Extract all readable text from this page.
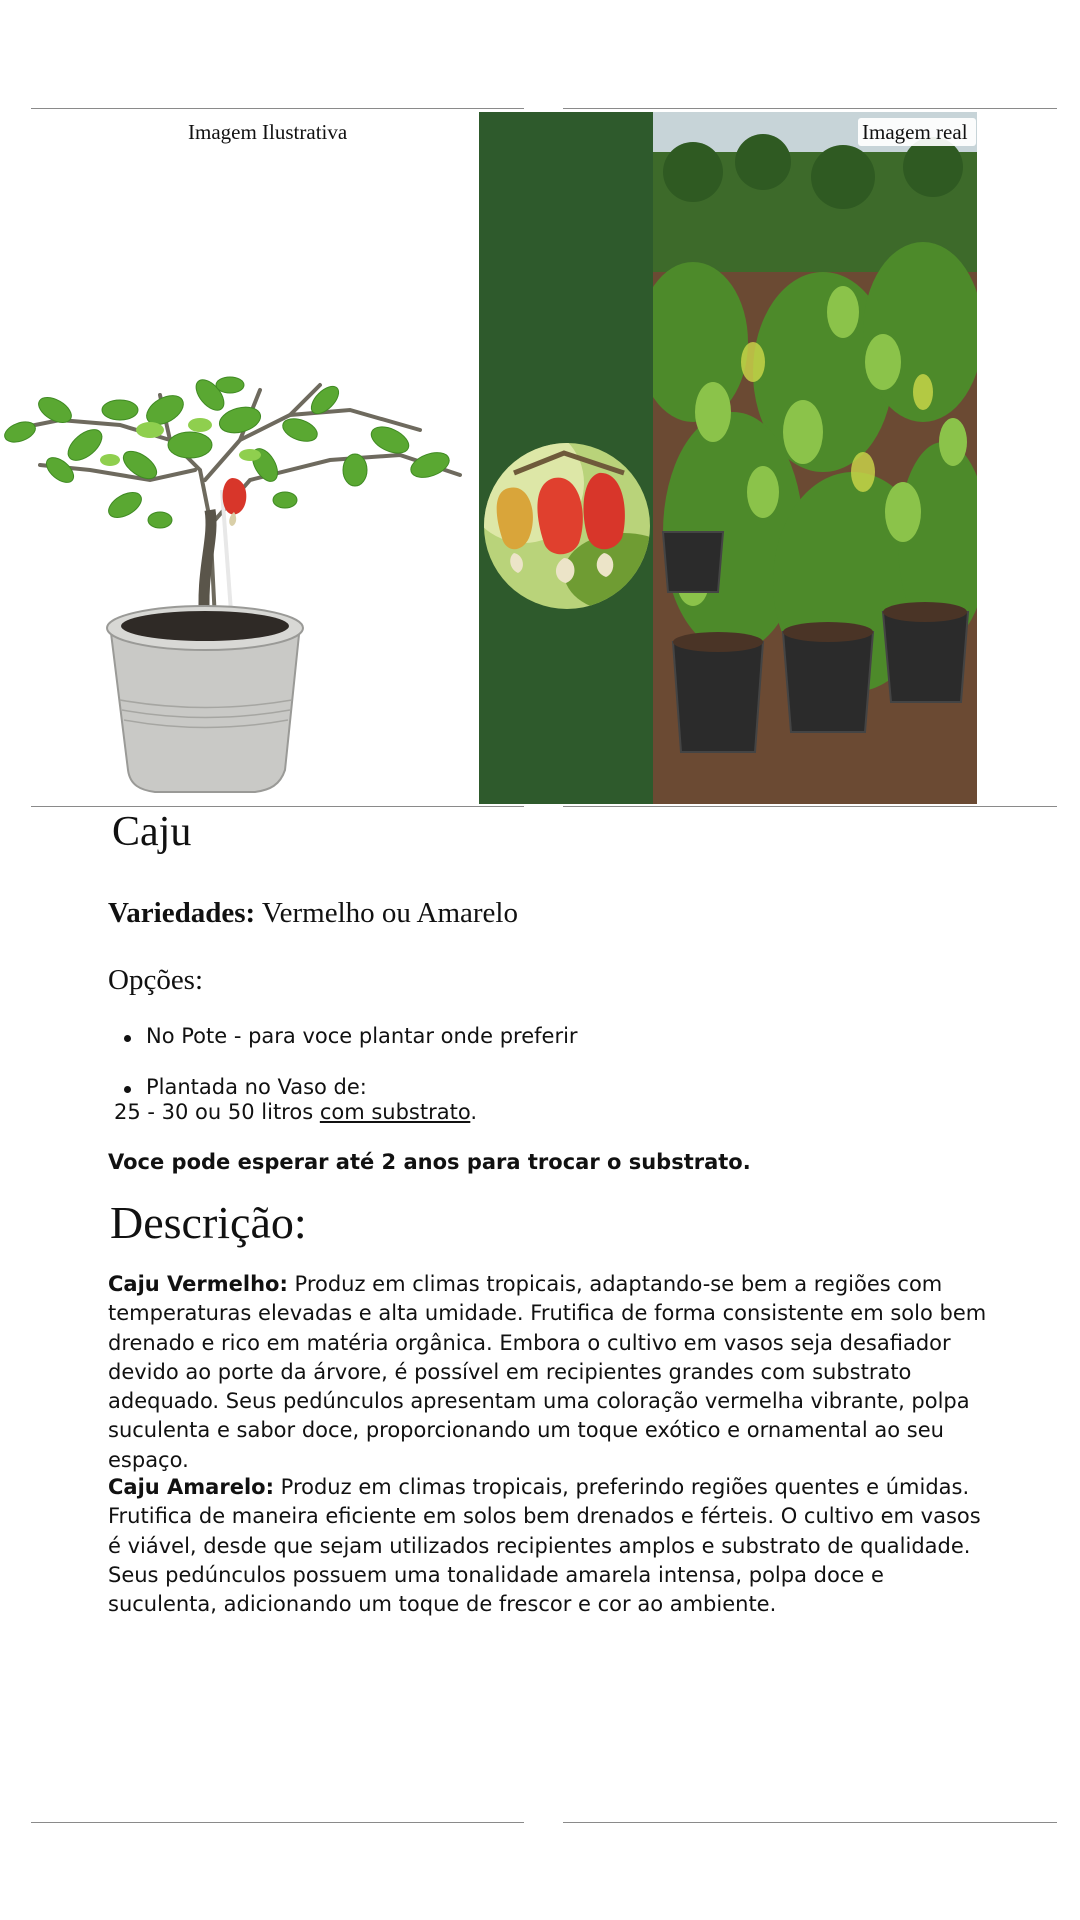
Imagem Ilustrativa	Imagem real
Caju
Variedades: Vermelho ou Amarelo
Opções:
No Pote - para voce plantar onde preferir
Plantada no Vaso de:
25 - 30 ou 50 litros com substrato.
Voce pode esperar até 2 anos para trocar o substrato.
Descrição:

Caju Vermelho: Produz em climas tropicais, adaptando-se bem a regiões com temperaturas elevadas e alta umidade. Frutifica de forma consistente em solo bem drenado e rico em matéria orgânica. Embora o cultivo em vasos seja desafiador devido ao porte da árvore, é possível em recipientes grandes com substrato adequado. Seus pedúnculos apresentam uma coloração vermelha vibrante, polpa suculenta e sabor doce, proporcionando um toque exótico e ornamental ao seu espaço.

Caju Amarelo: Produz em climas tropicais, preferindo regiões quentes e úmidas. Frutifica de maneira eficiente em solos bem drenados e férteis. O cultivo em vasos é viável, desde que sejam utilizados recipientes amplos e substrato de qualidade. Seus pedúnculos possuem uma tonalidade amarela intensa, polpa doce e suculenta, adicionando um toque de frescor e cor ao ambiente.
